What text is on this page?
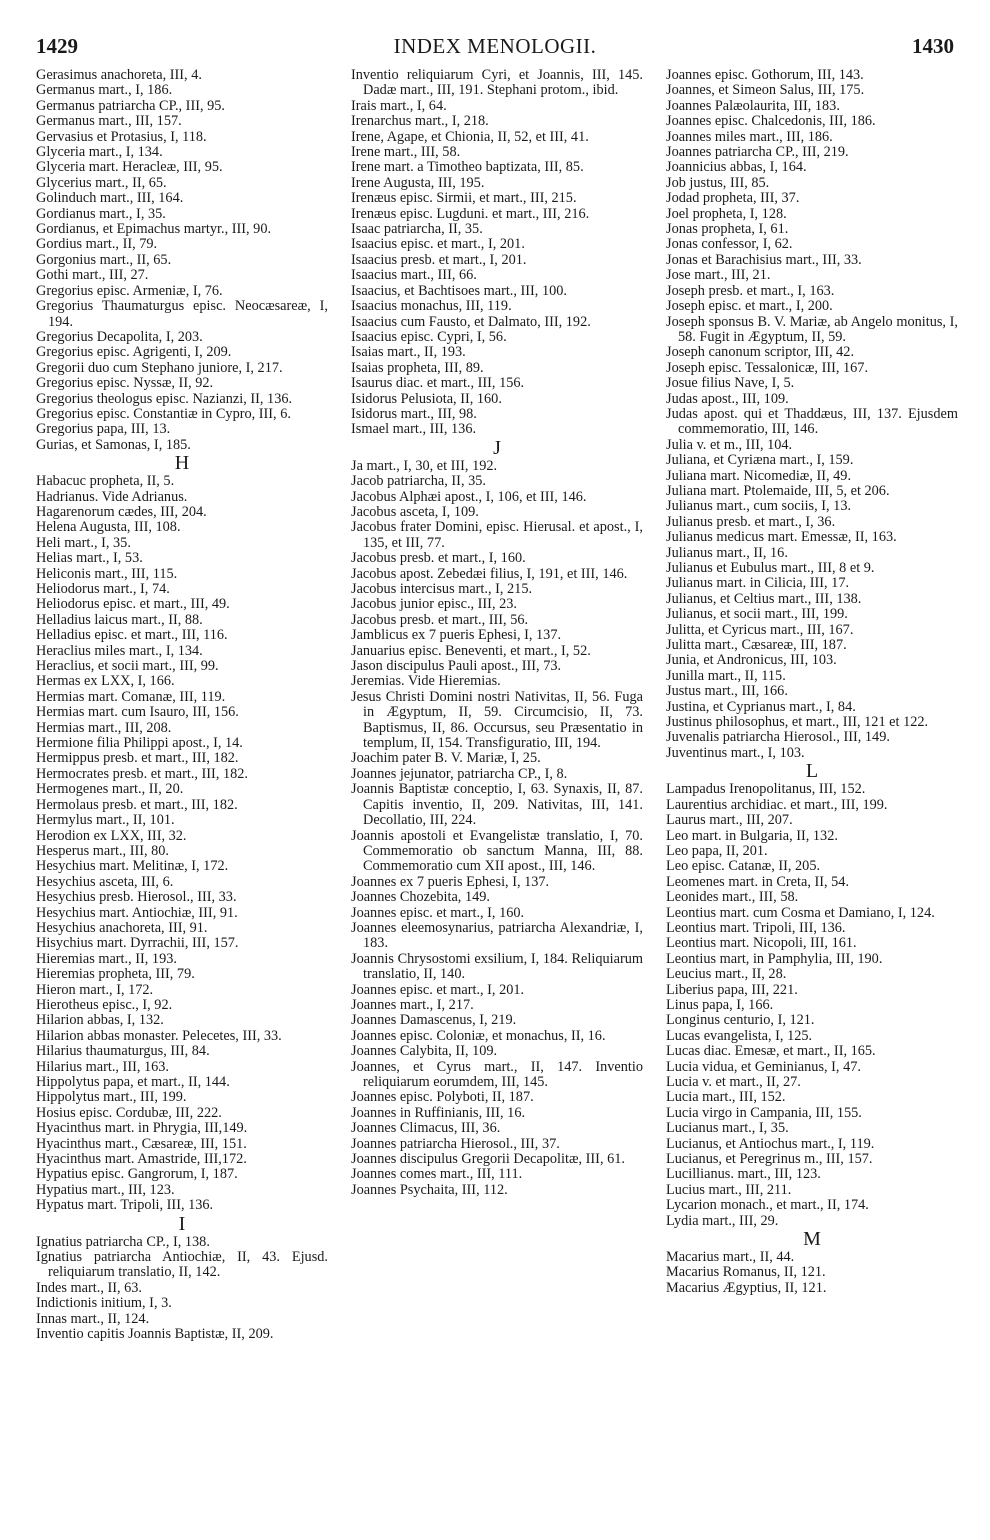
1429	INDEX MENOLOGII.	1430
Gerasimus anachoreta, III, 4.
Germanus mart., I, 186.
Germanus patriarcha CP., III, 95.
Germanus mart., III, 157.
Gervasius et Protasius, I, 118.
Glyceria mart., I, 134.
Glyceria mart. Heracleæ, III, 95.
Glycerius mart., II, 65.
Golinduch mart., III, 164.
Gordianus mart., I, 35.
Gordianus, et Epimachus martyr., III, 90.
Gordius mart., II, 79.
Gorgonius mart., II, 65.
Gothi mart., III, 27.
Gregorius episc. Armeniæ, I, 76.
Gregorius Thaumaturgus episc. Neocæsareæ, I, 194.
Gregorius Decapolita, I, 203.
Gregorius episc. Agrigenti, I, 209.
Gregorii duo cum Stephano juniore, I, 217.
Gregorius episc. Nyssæ, II, 92.
Gregorius theologus episc. Nazianzi, II, 136.
Gregorius episc. Constantiæ in Cypro, III, 6.
Gregorius papa, III, 13.
Gurias, et Samonas, I, 185.
H
Habacuc propheta, II, 5.
Hadrianus. Vide Adrianus.
Hagarenorum cædes, III, 204.
Helena Augusta, III, 108.
Heli mart., I, 35.
Helias mart., I, 53.
Heliconis mart., III, 115.
Heliodorus mart., I, 74.
Heliodorus episc. et mart., III, 49.
Helladius laicus mart., II, 88.
Helladius episc. et mart., III, 116.
Heraclius miles mart., I, 134.
Heraclius, et socii mart., III, 99.
Hermas ex LXX, I, 166.
Hermias mart. Comanæ, III, 119.
Hermias mart. cum Isauro, III, 156.
Hermias mart., III, 208.
Hermione filia Philippi apost., I, 14.
Hermippus presb. et mart., III, 182.
Hermocrates presb. et mart., III, 182.
Hermogenes mart., II, 20.
Hermolaus presb. et mart., III, 182.
Hermylus mart., II, 101.
Herodion ex LXX, III, 32.
Hesperus mart., III, 80.
Hesychius mart. Melitinæ, I, 172.
Hesychius asceta, III, 6.
Hesychius presb. Hierosol., III, 33.
Hesychius mart. Antiochiæ, III, 91.
Hesychius anachoreta, III, 91.
Hisychius mart. Dyrrachii, III, 157.
Hieremias mart., II, 193.
Hieremias propheta, III, 79.
Hieron mart., I, 172.
Hierotheus episc., I, 92.
Hilarion abbas, I, 132.
Hilarion abbas monaster. Pelecetes, III, 33.
Hilarius thaumaturgus, III, 84.
Hilarius mart., III, 163.
Hippolytus papa, et mart., II, 144.
Hippolytus mart., III, 199.
Hosius episc. Cordubæ, III, 222.
Hyacinthus mart. in Phrygia, III,149.
Hyacinthus mart., Cæsareæ, III, 151.
Hyacinthus mart. Amastride, III,172.
Hypatius episc. Gangrorum, I, 187.
Hypatius mart., III, 123.
Hypatus mart. Tripoli, III, 136.
I
Ignatius patriarcha CP., I, 138.
Ignatius patriarcha Antiochiæ, II, 43. Ejusd. reliquiarum translatio, II, 142.
Indes mart., II, 63.
Indictionis initium, I, 3.
Innas mart., II, 124.
Inventio capitis Joannis Baptistæ, II, 209.
Inventio reliquiarum Cyri, et Joannis, III, 145. Dadæ mart., III, 191. Stephani protom., ibid.
Irais mart., I, 64.
Irenarchus mart., I, 218.
Irene, Agape, et Chionia, II, 52, et III, 41.
Irene mart., III, 58.
Irene mart. a Timotheo baptizata, III, 85.
Irene Augusta, III, 195.
Irenæus episc. Sirmii, et mart., III, 215.
Irenæus episc. Lugduni. et mart., III, 216.
Isaac patriarcha, II, 35.
Isaacius episc. et mart., I, 201.
Isaacius presb. et mart., I, 201.
Isaacius mart., III, 66.
Isaacius, et Bachtisoes mart., III, 100.
Isaacius monachus, III, 119.
Isaacius cum Fausto, et Dalmato, III, 192.
Isaacius episc. Cypri, I, 56.
Isaias mart., II, 193.
Isaias propheta, III, 89.
Isaurus diac. et mart., III, 156.
Isidorus Pelusiota, II, 160.
Isidorus mart., III, 98.
Ismael mart., III, 136.
J
Ja mart., I, 30, et III, 192.
Jacob patriarcha, II, 35.
Jacobus Alphæi apost., I, 106, et III, 146.
Jacobus asceta, I, 109.
Jacobus frater Domini, episc. Hierusal. et apost., I, 135, et III, 77.
Jacobus presb. et mart., I, 160.
Jacobus apost. Zebedæi filius, I, 191, et III, 146.
Jacobus intercisus mart., I, 215.
Jacobus junior episc., III, 23.
Jacobus presb. et mart., III, 56.
Jamblicus ex 7 pueris Ephesi, I, 137.
Januarius episc. Beneventi, et mart., I, 52.
Jason discipulus Pauli apost., III, 73.
Jeremias. Vide Hieremias.
Jesus Christi Domini nostri Nativitas, II, 56. Fuga in Ægyptum, II, 59. Circumcisio, II, 73. Baptismus, II, 86. Occursus, seu Præsentatio in templum, II, 154. Transfiguratio, III, 194.
Joachim pater B. V. Mariæ, I, 25.
Joannes jejunator, patriarcha CP., I, 8.
Joannis Baptistæ conceptio, I, 63. Synaxis, II, 87. Capitis inventio, II, 209. Nativitas, III, 141. Decollatio, III, 224.
Joannis apostoli et Evangelistæ translatio, I, 70. Commemoratio ob sanctum Manna, III, 88. Commemoratio cum XII apost., III, 146.
Joannes ex 7 pueris Ephesi, I, 137.
Joannes Chozebita, 149.
Joannes episc. et mart., I, 160.
Joannes eleemosynarius, patriarcha Alexandriæ, I, 183.
Joannis Chrysostomi exsilium, I, 184. Reliquiarum translatio, II, 140.
Joannes episc. et mart., I, 201.
Joannes mart., I, 217.
Joannes Damascenus, I, 219.
Joannes episc. Coloniæ, et monachus, II, 16.
Joannes Calybita, II, 109.
Joannes, et Cyrus mart., II, 147. Inventio reliquiarum eorumdem, III, 145.
Joannes episc. Polyboti, II, 187.
Joannes in Ruffinianis, III, 16.
Joannes Climacus, III, 36.
Joannes patriarcha Hierosol., III, 37.
Joannes discipulus Gregorii Decapolitæ, III, 61.
Joannes comes mart., III, 111.
Joannes Psychaita, III, 112.
Joannes episc. Gothorum, III, 143.
Joannes, et Simeon Salus, III, 175.
Joannes Palæolaurita, III, 183.
Joannes episc. Chalcedonis, III, 186.
Joannes miles mart., III, 186.
Joannes patriarcha CP., III, 219.
Joannicius abbas, I, 164.
Job justus, III, 85.
Jodad propheta, III, 37.
Joel propheta, I, 128.
Jonas propheta, I, 61.
Jonas confessor, I, 62.
Jonas et Barachisius mart., III, 33.
Jose mart., III, 21.
Joseph presb. et mart., I, 163.
Joseph episc. et mart., I, 200.
Joseph sponsus B. V. Mariæ, ab Angelo monitus, I, 58. Fugit in Ægyptum, II, 59.
Joseph canonum scriptor, III, 42.
Joseph episc. Tessalonicæ, III, 167.
Josue filius Nave, I, 5.
Judas apost., III, 109.
Judas apost. qui et Thaddæus, III, 137. Ejusdem commemoratio, III, 146.
Julia v. et m., III, 104.
Juliana, et Cyriæna mart., I, 159.
Juliana mart. Nicomediæ, II, 49.
Juliana mart. Ptolemaide, III, 5, et 206.
Julianus mart., cum sociis, I, 13.
Julianus presb. et mart., I, 36.
Julianus medicus mart. Emessæ, II, 163.
Julianus mart., II, 16.
Julianus et Eubulus mart., III, 8 et 9.
Julianus mart. in Cilicia, III, 17.
Julianus, et Celtius mart., III, 138.
Julianus, et socii mart., III, 199.
Julitta, et Cyricus mart., III, 167.
Julitta mart., Cæsareæ, III, 187.
Junia, et Andronicus, III, 103.
Junilla mart., II, 115.
Justus mart., III, 166.
Justina, et Cyprianus mart., I, 84.
Justinus philosophus, et mart., III, 121 et 122.
Juvenalis patriarcha Hierosol., III, 149.
Juventinus mart., I, 103.
L
Lampadus Irenopolitanus, III, 152.
Laurentius archidiac. et mart., III, 199.
Laurus mart., III, 207.
Leo mart. in Bulgaria, II, 132.
Leo papa, II, 201.
Leo episc. Catanæ, II, 205.
Leomenes mart. in Creta, II, 54.
Leonides mart., III, 58.
Leontius mart. cum Cosma et Damiano, I, 124.
Leontius mart. Tripoli, III, 136.
Leontius mart. Nicopoli, III, 161.
Leontius mart, in Pamphylia, III, 190.
Leucius mart., II, 28.
Liberius papa, III, 221.
Linus papa, I, 166.
Longinus centurio, I, 121.
Lucas evangelista, I, 125.
Lucas diac. Emesæ, et mart., II, 165.
Lucia vidua, et Geminianus, I, 47.
Lucia v. et mart., II, 27.
Lucia mart., III, 152.
Lucia virgo in Campania, III, 155.
Lucianus mart., I, 35.
Lucianus, et Antiochus mart., I, 119.
Lucianus, et Peregrinus m., III, 157.
Lucillianus. mart., III, 123.
Lucius mart., III, 211.
Lycarion monach., et mart., II, 174.
Lydia mart., III, 29.
M
Macarius mart., II, 44.
Macarius Romanus, II, 121.
Macarius Ægyptius, II, 121.
